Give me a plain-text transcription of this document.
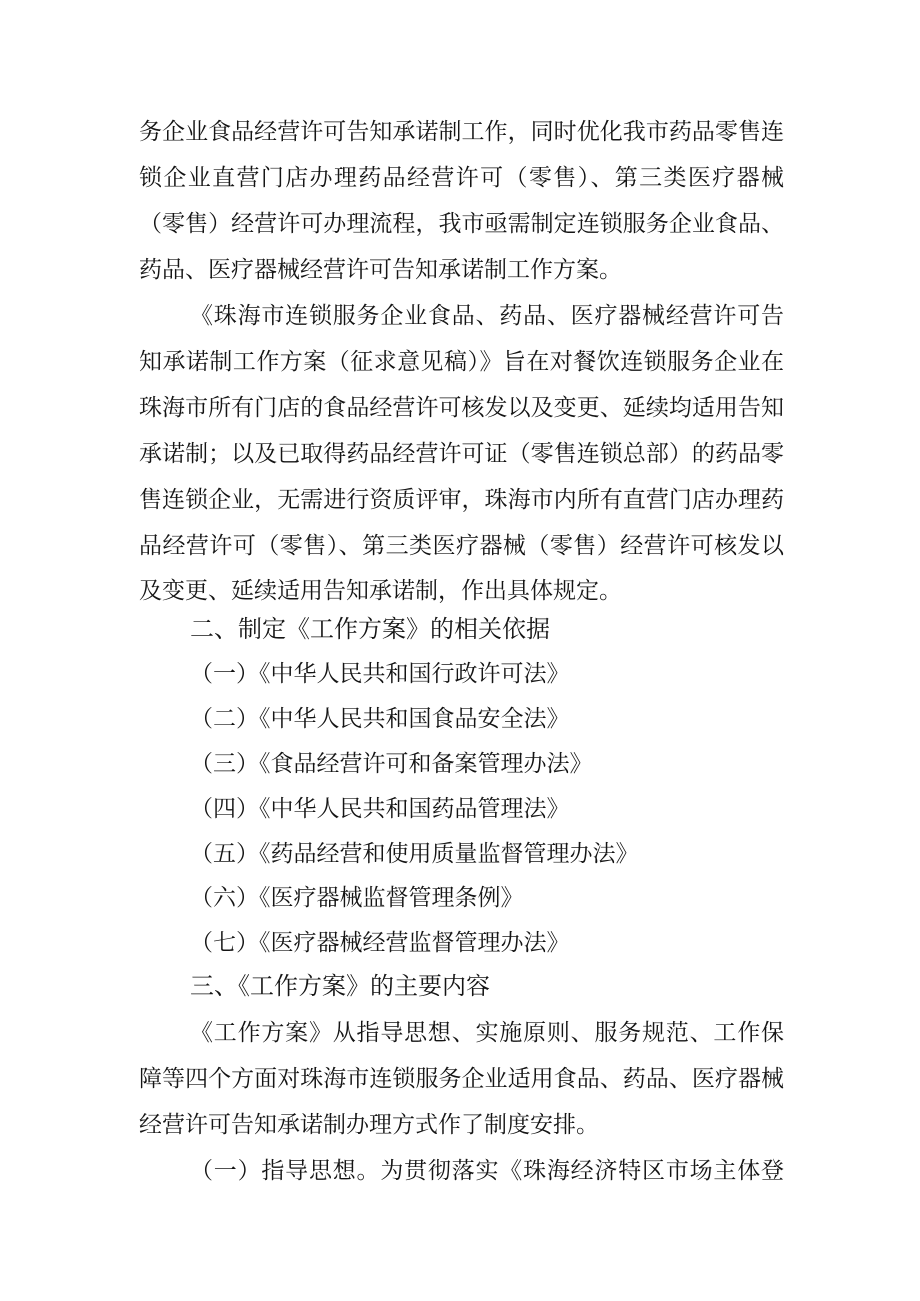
务企业食品经营许可告知承诺制工作，同时优化我市药品零售连
锁企业直营门店办理药品经营许可（零售）、第三类医疗器械
（零售）经营许可办理流程，我市亟需制定连锁服务企业食品、
药品、医疗器械经营许可告知承诺制工作方案。
《珠海市连锁服务企业食品、药品、医疗器械经营许可告
知承诺制工作方案（征求意见稿）》旨在对餐饮连锁服务企业在
珠海市所有门店的食品经营许可核发以及变更、延续均适用告知
承诺制；以及已取得药品经营许可证（零售连锁总部）的药品零
售连锁企业，无需进行资质评审，珠海市内所有直营门店办理药
品经营许可（零售）、第三类医疗器械（零售）经营许可核发以
及变更、延续适用告知承诺制，作出具体规定。
二、制定《工作方案》的相关依据
（一）《中华人民共和国行政许可法》
（二）《中华人民共和国食品安全法》
（三）《食品经营许可和备案管理办法》
（四）《中华人民共和国药品管理法》
（五）《药品经营和使用质量监督管理办法》
（六）《医疗器械监督管理条例》
（七）《医疗器械经营监督管理办法》
三、《工作方案》的主要内容
《工作方案》从指导思想、实施原则、服务规范、工作保
障等四个方面对珠海市连锁服务企业适用食品、药品、医疗器械
经营许可告知承诺制办理方式作了制度安排。
（一）指导思想。为贯彻落实《珠海经济特区市场主体登
